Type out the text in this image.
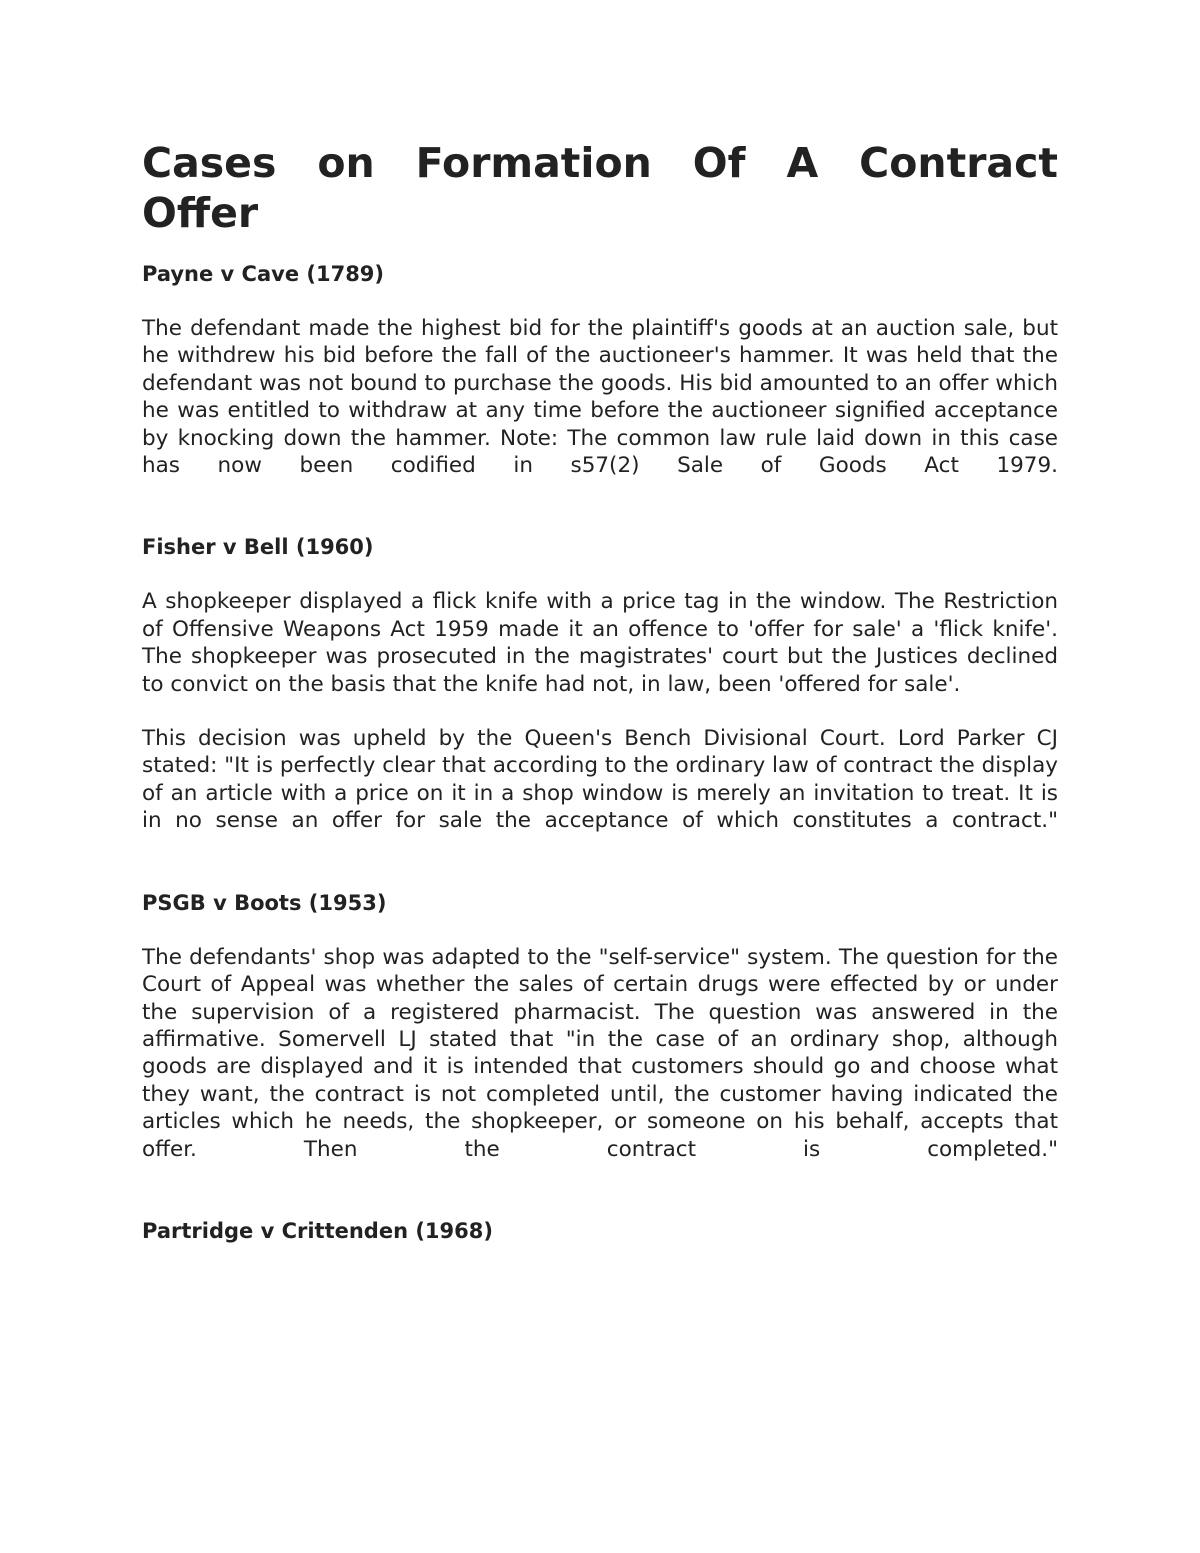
Cases on Formation Of A Contract
Offer
Payne v Cave (1789)

The defendant made the highest bid for the plaintiff's goods at an auction sale, but he withdrew his bid before the fall of the auctioneer's hammer. It was held that the defendant was not bound to purchase the goods. His bid amounted to an offer which he was entitled to withdraw at any time before the auctioneer signified acceptance by knocking down the hammer. Note: The common law rule laid down in this case has now been codified in s57(2) Sale of Goods Act 1979.

Fisher v Bell (1960)

A shopkeeper displayed a flick knife with a price tag in the window. The Restriction of Offensive Weapons Act 1959 made it an offence to 'offer for sale' a 'flick knife'. The shopkeeper was prosecuted in the magistrates' court but the Justices declined to convict on the basis that the knife had not, in law, been 'offered for sale'.

This decision was upheld by the Queen's Bench Divisional Court. Lord Parker CJ stated: "It is perfectly clear that according to the ordinary law of contract the display of an article with a price on it in a shop window is merely an invitation to treat. It is in no sense an offer for sale the acceptance of which constitutes a contract."

PSGB v Boots (1953)

The defendants' shop was adapted to the "self-service" system. The question for the Court of Appeal was whether the sales of certain drugs were effected by or under the supervision of a registered pharmacist. The question was answered in the affirmative. Somervell LJ stated that "in the case of an ordinary shop, although goods are displayed and it is intended that customers should go and choose what they want, the contract is not completed until, the customer having indicated the articles which he needs, the shopkeeper, or someone on his behalf, accepts that offer. Then the contract is completed."

Partridge v Crittenden (1968)
